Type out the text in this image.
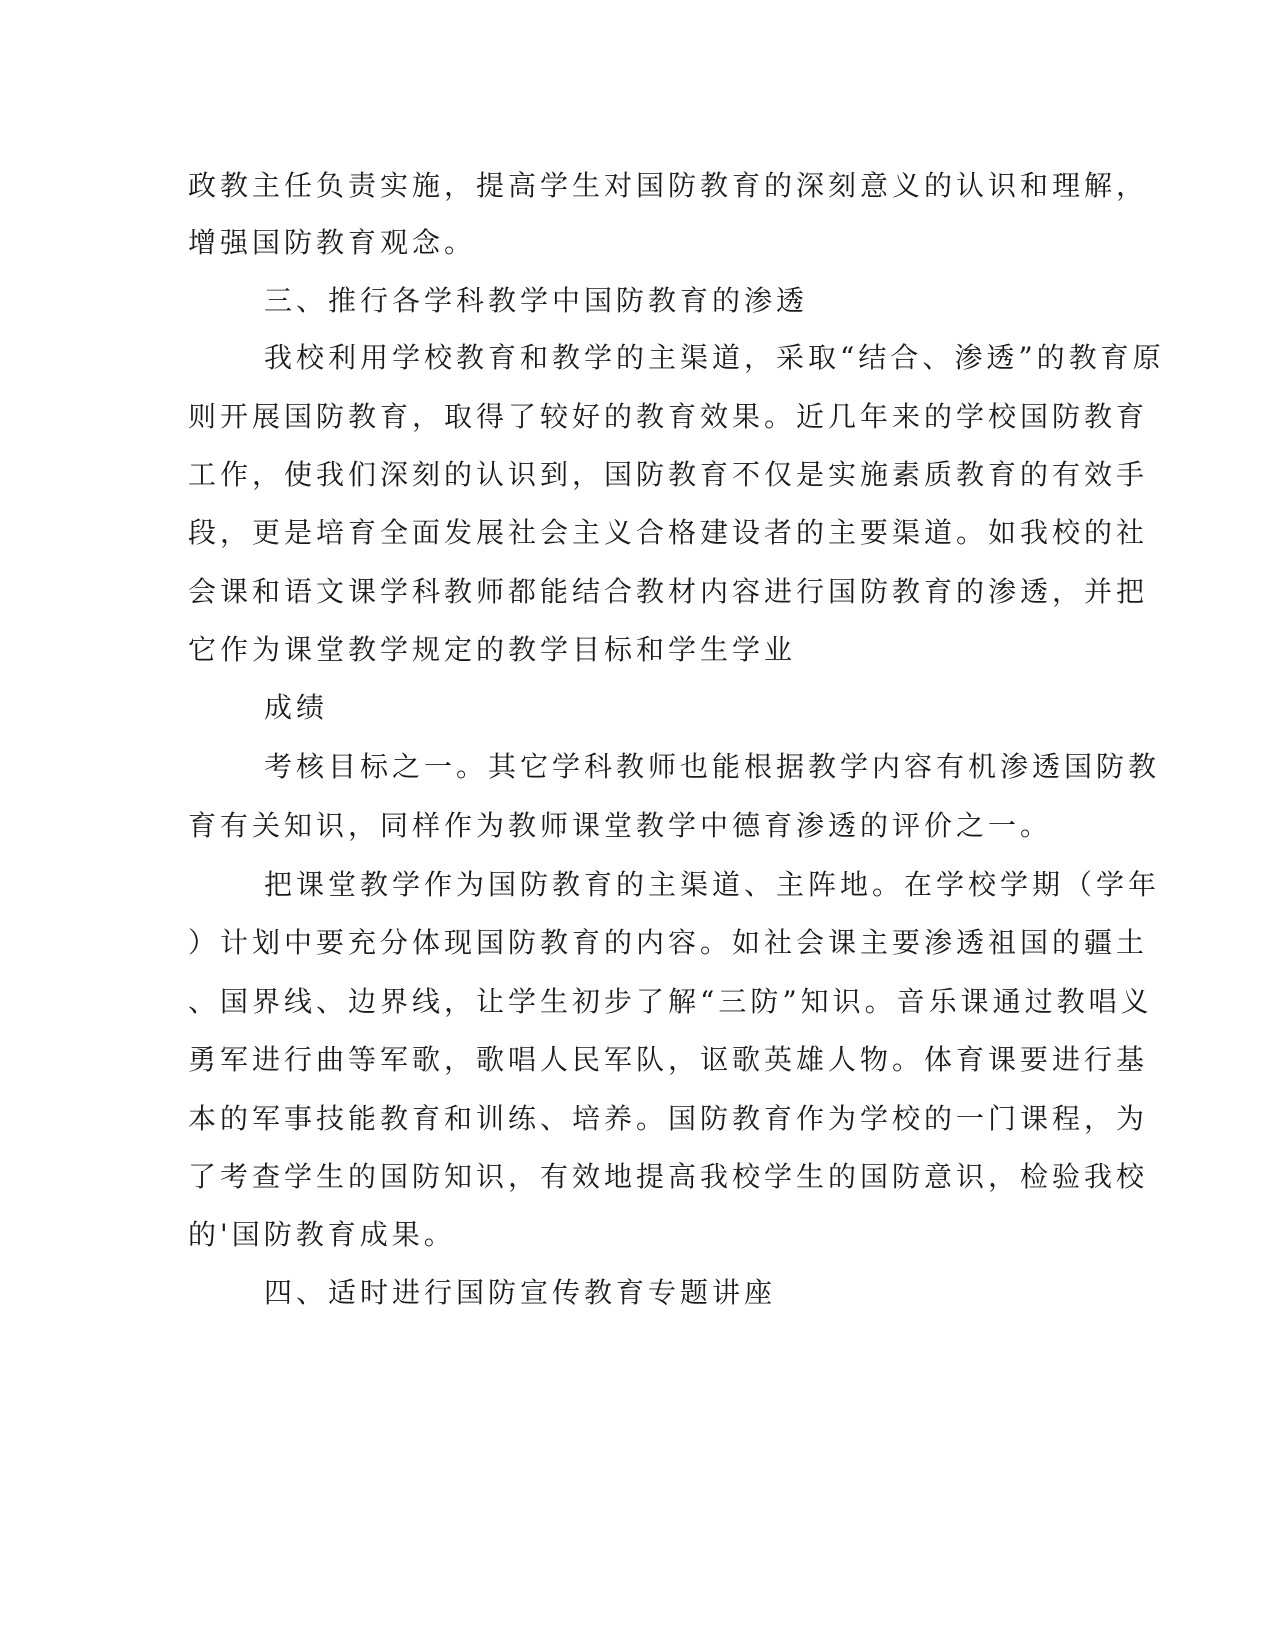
政教主任负责实施，提高学生对国防教育的深刻意义的认识和理解，
增强国防教育观念。
三、推行各学科教学中国防教育的渗透
我校利用学校教育和教学的主渠道，采取“结合、渗透”的教育原
则开展国防教育，取得了较好的教育效果。近几年来的学校国防教育
工作，使我们深刻的认识到，国防教育不仅是实施素质教育的有效手
段，更是培育全面发展社会主义合格建设者的主要渠道。如我校的社
会课和语文课学科教师都能结合教材内容进行国防教育的渗透，并把
它作为课堂教学规定的教学目标和学生学业
成绩
考核目标之一。其它学科教师也能根据教学内容有机渗透国防教
育有关知识，同样作为教师课堂教学中德育渗透的评价之一。
把课堂教学作为国防教育的主渠道、主阵地。在学校学期（学年
）计划中要充分体现国防教育的内容。如社会课主要渗透祖国的疆土
、国界线、边界线，让学生初步了解“三防”知识。音乐课通过教唱义
勇军进行曲等军歌，歌唱人民军队，讴歌英雄人物。体育课要进行基
本的军事技能教育和训练、培养。国防教育作为学校的一门课程，为
了考查学生的国防知识，有效地提高我校学生的国防意识，检验我校
的'国防教育成果。
四、适时进行国防宣传教育专题讲座
